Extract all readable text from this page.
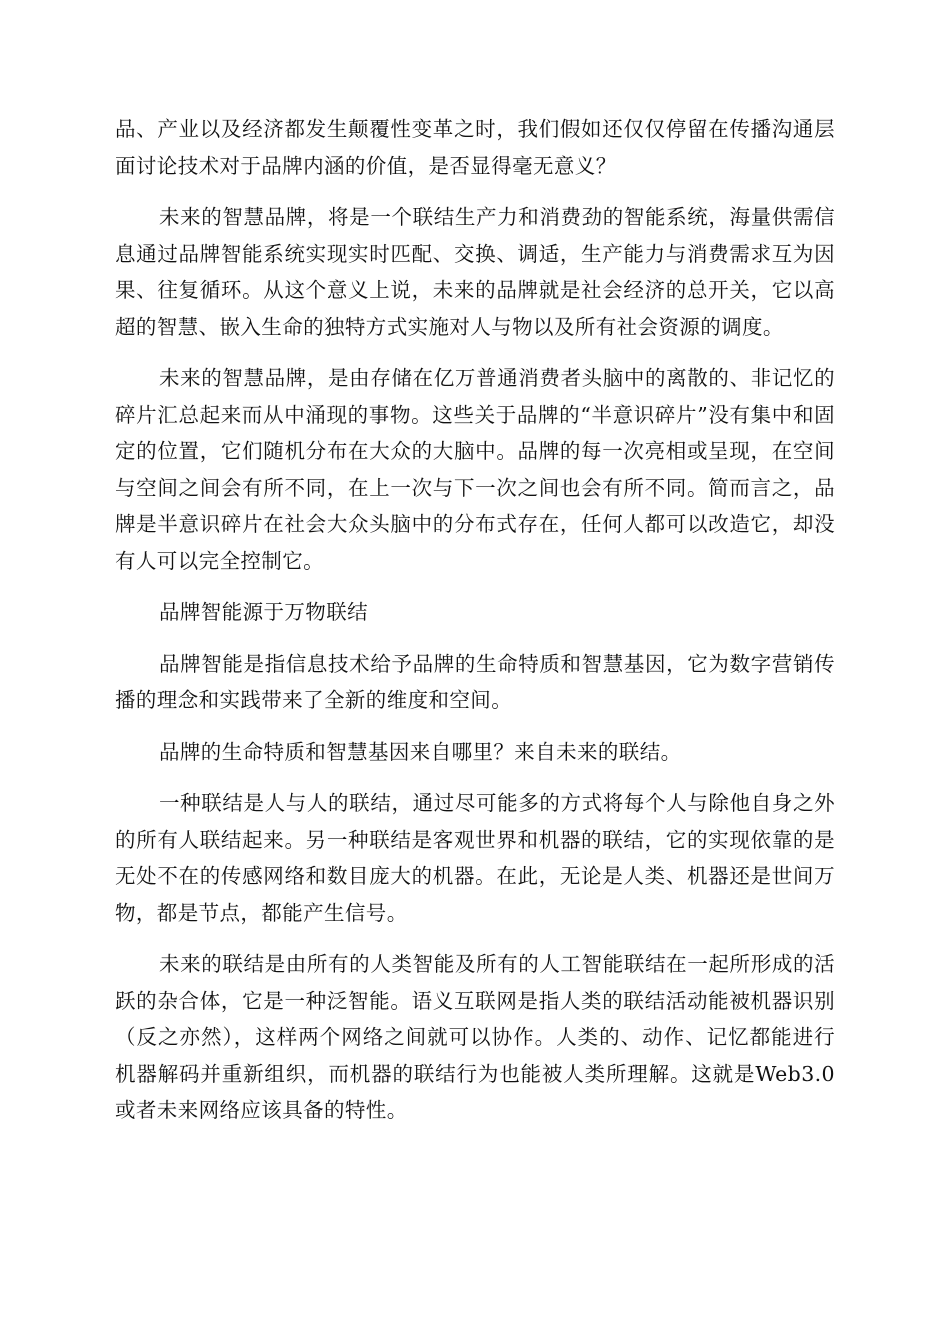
品、产业以及经济都发生颠覆性变革之时，我们假如还仅仅停留在传播沟通层面讨论技术对于品牌内涵的价值，是否显得毫无意义？

未来的智慧品牌，将是一个联结生产力和消费劲的智能系统，海量供需信息通过品牌智能系统实现实时匹配、交换、调适，生产能力与消费需求互为因果、往复循环。从这个意义上说，未来的品牌就是社会经济的总开关，它以高超的智慧、嵌入生命的独特方式实施对人与物以及所有社会资源的调度。

未来的智慧品牌，是由存储在亿万普通消费者头脑中的离散的、非记忆的碎片汇总起来而从中涌现的事物。这些关于品牌的“半意识碎片”没有集中和固定的位置，它们随机分布在大众的大脑中。品牌的每一次亮相或呈现，在空间与空间之间会有所不同，在上一次与下一次之间也会有所不同。简而言之，品牌是半意识碎片在社会大众头脑中的分布式存在，任何人都可以改造它，却没有人可以完全控制它。

品牌智能源于万物联结

品牌智能是指信息技术给予品牌的生命特质和智慧基因，它为数字营销传播的理念和实践带来了全新的维度和空间。

品牌的生命特质和智慧基因来自哪里？来自未来的联结。

一种联结是人与人的联结，通过尽可能多的方式将每个人与除他自身之外的所有人联结起来。另一种联结是客观世界和机器的联结，它的实现依靠的是无处不在的传感网络和数目庞大的机器。在此，无论是人类、机器还是世间万物，都是节点，都能产生信号。

未来的联结是由所有的人类智能及所有的人工智能联结在一起所形成的活跃的杂合体，它是一种泛智能。语义互联网是指人类的联结活动能被机器识别（反之亦然），这样两个网络之间就可以协作。人类的、动作、记忆都能进行机器解码并重新组织，而机器的联结行为也能被人类所理解。这就是Web3.0或者未来网络应该具备的特性。
